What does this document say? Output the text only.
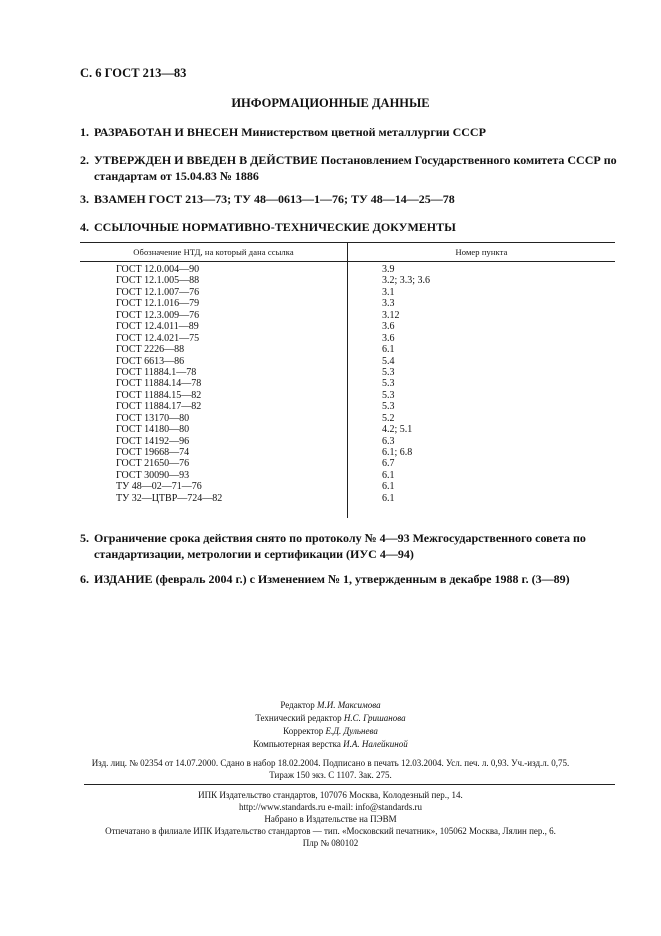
С. 6 ГОСТ 213—83
ИНФОРМАЦИОННЫЕ ДАННЫЕ
1. РАЗРАБОТАН И ВНЕСЕН Министерством цветной металлургии СССР
2. УТВЕРЖДЕН И ВВЕДЕН В ДЕЙСТВИЕ Постановлением Государственного комитета СССР по стандартам от 15.04.83 № 1886
3. ВЗАМЕН ГОСТ 213—73; ТУ 48—0613—1—76; ТУ 48—14—25—78
4. ССЫЛОЧНЫЕ НОРМАТИВНО-ТЕХНИЧЕСКИЕ ДОКУМЕНТЫ
Обозначение НТД, на который дана ссылка	Номер пункта
ГОСТ 12.0.004—90	3.9
ГОСТ 12.1.005—88	3.2; 3.3; 3.6
ГОСТ 12.1.007—76	3.1
ГОСТ 12.1.016—79	3.3
ГОСТ 12.3.009—76	3.12
ГОСТ 12.4.011—89	3.6
ГОСТ 12.4.021—75	3.6
ГОСТ 2226—88	6.1
ГОСТ 6613—86	5.4
ГОСТ 11884.1—78	5.3
ГОСТ 11884.14—78	5.3
ГОСТ 11884.15—82	5.3
ГОСТ 11884.17—82	5.3
ГОСТ 13170—80	5.2
ГОСТ 14180—80	4.2; 5.1
ГОСТ 14192—96	6.3
ГОСТ 19668—74	6.1; 6.8
ГОСТ 21650—76	6.7
ГОСТ 30090—93	6.1
ТУ 48—02—71—76	6.1
ТУ 32—ЦТВР—724—82	6.1
5. Ограничение срока действия снято по протоколу № 4—93 Межгосударственного совета по стандартизации, метрологии и сертификации (ИУС 4—94)
6. ИЗДАНИЕ (февраль 2004 г.) с Изменением № 1, утвержденным в декабре 1988 г. (3—89)
Редактор М.И. Максимова
Технический редактор Н.С. Гришанова
Корректор Е.Д. Дульнева
Компьютерная верстка И.А. Налейкиной
Изд. лиц. № 02354 от 14.07.2000. Сдано в набор 18.02.2004. Подписано в печать 12.03.2004. Усл. печ. л. 0,93. Уч.-изд.л. 0,75.
Тираж 150 экз. С 1107. Зак. 275.
ИПК Издательство стандартов, 107076 Москва, Колодезный пер., 14.
http://www.standards.ru e-mail: info@standards.ru
Набрано в Издательстве на ПЭВМ
Отпечатано в филиале ИПК Издательство стандартов — тип. «Московский печатник», 105062 Москва, Лялин пер., 6.
Плр № 080102
